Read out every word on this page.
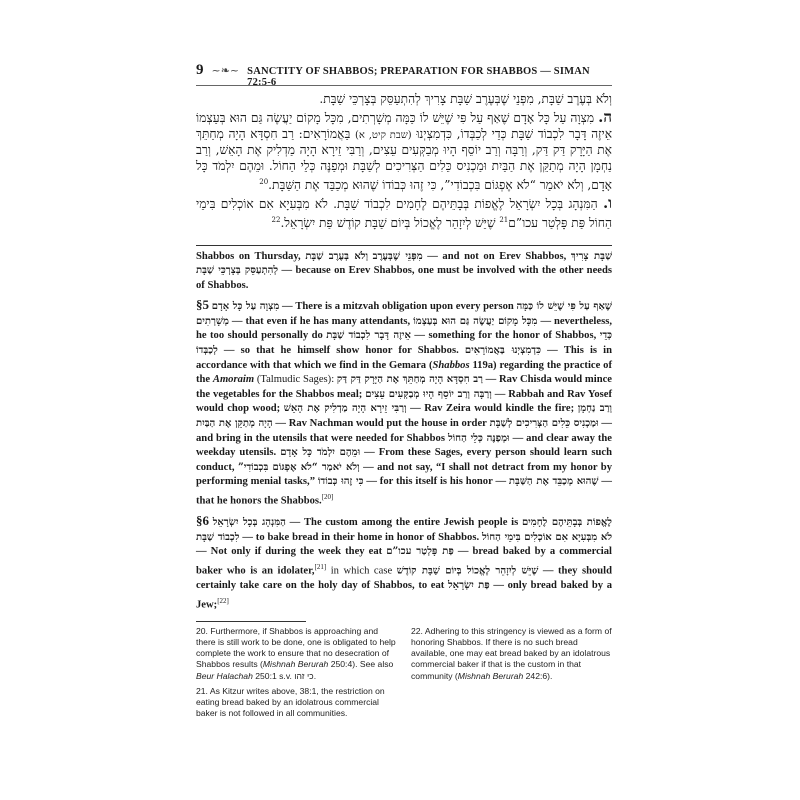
9 ~❧~ SANCTITY OF SHABBOS; PREPARATION FOR SHABBOS — SIMAN 72:5-6

וְלֹא בְּעֶרֶב שַׁבָּת, מִפְּנֵי שֶׁבְּעֶרֶב שַׁבָּת צָרִיךְ לְהִתְעַסֵּק בְּצָרְכֵּי שַׁבָּת.

ה. מִצְוָה עַל כָּל אָדָם שֶׁאַף עַל פִּי שֶׁיֵּשׁ לוֹ כַּמָּה מְשָׁרְתִים, מִכָּל מָקוֹם יַעֲשֶׂה גַּם הוּא בְּעַצְמוֹ אֵיזֶה דָּבָר לִכְבוֹד שַׁבָּת כְּדֵי לְכַבְּדוֹ, כִּדְמִצְיְנוּ (שבת קיט, א) בַּאֲמוֹרָאִים: רַב חִסְדָּא הָיָה מְחַתֵּךְ אֶת הַיָּרָק דַּק דַּק, וְרַבָּה וְרַב יוֹסֵף הָיוּ מְבַקְּעִים עֵצִים, וְרַבִּי זֵירָא הָיָה מַדְלִיק אֶת הָאֵשׁ, וְרַב נַחְמָן הָיָה מְתַקֵּן אֶת הַבַּיִת וּמַכְנִיס כֵּלִים הַצְּרִיכִים לְשַׁבָּת וּמְפַנֶּה כְּלֵי הַחוֹל. וּמֵהֶם יִלְמֹד כָּל אָדָם, וְלֹא יֹאמַר “לֹא אֶפְגּוֹם בִּכְבוֹדִי”, כִּי זֶהוּ כְּבוֹדוֹ שֶׁהוּא מְכַבֵּד אֶת הַשַּׁבָּת.$^{20}$

ו. הַמִּנְהָג בְּכָל יִשְׂרָאֵל לֶאֱפוֹת בְּבָתֵּיהֶם לֶחָמִים לִכְבוֹד שַׁבָּת. לֹא מִבְּעִיָא אִם אוֹכְלִים בִּימֵי הַחוֹל פַּת פָּלְטַר עכו”ם$^{21}$ שֶׁיֵּשׁ לְיִזָהֵר לֶאֱכוֹל בְּיוֹם שַׁבָּת קוֹדֶשׁ פַּת יִשְׂרָאֵל.$^{22}$

Shabbos on Thursday,	מִפְּנֵי שֶׁבְּעֶרֶב וְלֹא בְּעֶרֶב שַׁבָּת	— and not on Erev Shabbos, שַׁבָּת צָרִיךְ לְהִתְעַסֵּק בְּצָרְכֵּי שַׁבָּת — because on Erev Shabbos, one must be involved with the other needs of Shabbos.

§5 מִצְוָה עַל כָּל אָדָם — There is a mitzvah obligation upon every person שֶׁאַף עַל פִּי שֶׁיֵּשׁ לוֹ כַּמָּה מְשָׁרְתִים — that even if he has many attendants, מִכָּל מָקוֹם יַעֲשֶׂה גַּם הוּא בְּעַצְמוֹ — nevertheless, he too should personally do אֵיזֶה דָּבָר לִכְבוֹד שַׁבָּת — something for the honor of Shabbos, כְּדֵי לְכַבְּדוֹ — so that he himself show honor for Shabbos. כִּדְמִצְיְנוּ בַּאֲמוֹרָאִים — This is in accordance with that which we find in the Gemara (Shabbos 119a) regarding the practice of the Amoraim (Talmudic Sages): רַב חִסְדָּא הָיָה מְחַתֵּךְ אֶת הַיָּרָק דַּק דַּק — Rav Chisda would mince the vegetables for the Shabbos meal; וְרַבָּה וְרַב יוֹסֵף הָיוּ מְבַקְּעִים עֵצִים — Rabbah and Rav Yosef would chop wood; וְרַבִּי זֵירָא הָיָה מַדְלִיק אֶת הָאֵשׁ — Rav Zeira would kindle the fire; וְרַב נַחְמָן הָיָה מְתַקֵּן אֶת הַבַּיִת — Rav Nachman would put the house in order וּמַכְנִיס כֵּלִים הַצְּרִיכִים לְשַׁבָּת — and bring in the utensils that were needed for Shabbos וּמְפַנֶּה כְּלֵי הַחוֹל — and clear away the weekday utensils. וּמֵהֶם יִלְמֹד כָּל אָדָם — From these Sages, every person should learn such conduct, וְלֹא יֹאמַר “לֹא אֶפְגּוֹם בִּכְבוֹדִי” — and not say, “I shall not detract from my honor by performing menial tasks,” כִּי זֶהוּ כְּבוֹדוֹ — for this itself is his honor — שֶׁהוּא מְכַבֵּד אֶת הַשַּׁבָּת — that he honors the Shabbos.[20]

§6 הַמִּנְהָג בְּכָל יִשְׂרָאֵל — The custom among the entire Jewish people is לֶאֱפוֹת בְּבָתֵּיהֶם לֶחָמִים לִכְבוֹד שַׁבָּת — to bake bread in their home in honor of Shabbos. לֹא מִבְּעִיָא אִם אוֹכְלִים בִּימֵי הַחוֹל — Not only if during the week they eat פַּת פָּלְטַר עכו”ם — bread baked by a commercial baker who is an idolater,[21] in which case שֶׁיֵּשׁ לְיִזָהֵר לֶאֱכוֹל בְּיוֹם שַׁבָּת קוֹדֶשׁ — they should certainly take care on the holy day of Shabbos, to eat פַּת יִשְׂרָאֵל — only bread baked by a Jew;[22]

20. Furthermore, if Shabbos is approaching and there is still work to be done, one is obligated to help complete the work to ensure that no desecration of Shabbos results (Mishnah Berurah 250:4). See also Beur Halachah 250:1 s.v. כי זהו.

21. As Kitzur writes above, 38:1, the restriction on eating bread baked by an idolatrous commercial baker is not followed in all communities.

22. Adhering to this stringency is viewed as a form of honoring Shabbos. If there is no such bread available, one may eat bread baked by an idolatrous commercial baker if that is the custom in that community (Mishnah Berurah 242:6).
